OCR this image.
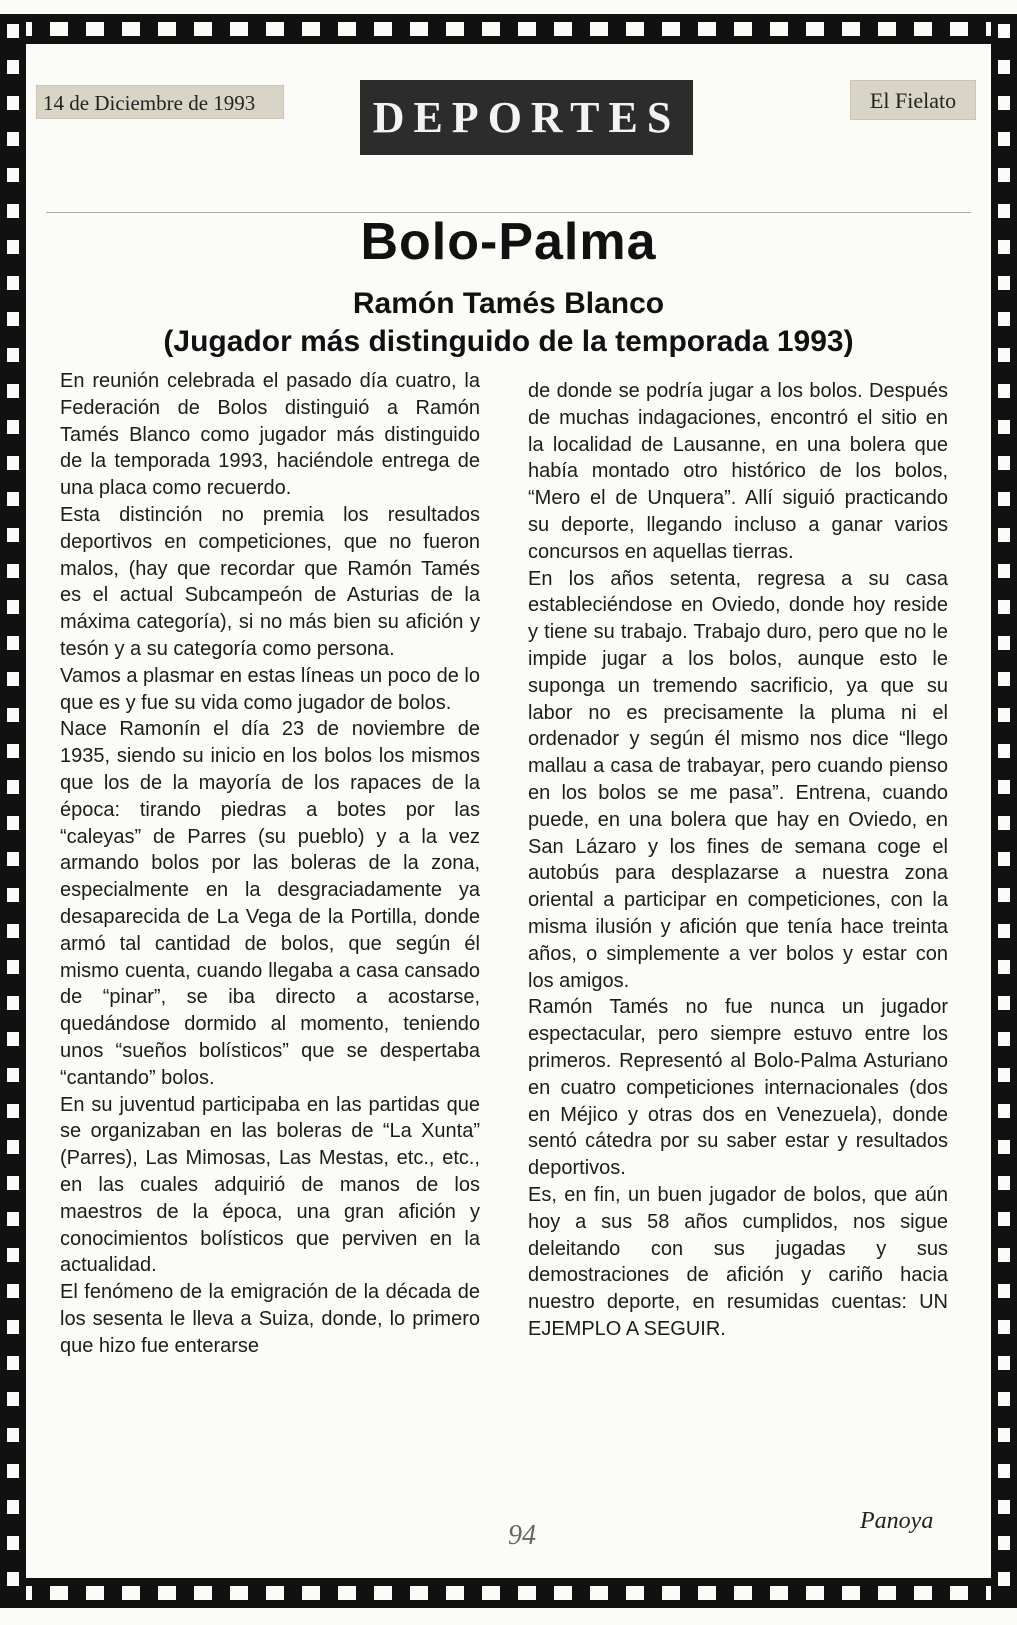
14 de Diciembre de 1993	DEPORTES	El Fielato
Bolo-Palma
Ramón Tamés Blanco
(Jugador más distinguido de la temporada 1993)

En reunión celebrada el pasado día cuatro, la Federación de Bolos distinguió a Ramón Tamés Blanco como jugador más distinguido de la temporada 1993, haciéndole entrega de una placa como recuerdo.

Esta distinción no premia los resultados deportivos en competiciones, que no fueron malos, (hay que recordar que Ramón Tamés es el actual Subcampeón de Asturias de la máxima categoría), si no más bien su afición y tesón y a su categoría como persona.

Vamos a plasmar en estas líneas un poco de lo que es y fue su vida como jugador de bolos.

Nace Ramonín el día 23 de noviembre de 1935, siendo su inicio en los bolos los mismos que los de la mayoría de los rapaces de la época: tirando piedras a botes por las “caleyas” de Parres (su pueblo) y a la vez armando bolos por las boleras de la zona, especialmente en la desgraciadamente ya desaparecida de La Vega de la Portilla, donde armó tal cantidad de bolos, que según él mismo cuenta, cuando llegaba a casa cansado de “pinar”, se iba directo a acostarse, quedándose dormido al momento, teniendo unos “sueños bolísticos” que se despertaba “cantando” bolos.

En su juventud participaba en las partidas que se organizaban en las boleras de “La Xunta” (Parres), Las Mimosas, Las Mestas, etc., etc., en las cuales adquirió de manos de los maestros de la época, una gran afición y conocimientos bolísticos que perviven en la actualidad.

El fenómeno de la emigración de la década de los sesenta le lleva a Suiza, donde, lo primero que hizo fue enterarse

de donde se podría jugar a los bolos. Después de muchas indagaciones, encontró el sitio en la localidad de Lausanne, en una bolera que había montado otro histórico de los bolos, “Mero el de Unquera”. Allí siguió practicando su deporte, llegando incluso a ganar varios concursos en aquellas tierras.

En los años setenta, regresa a su casa estableciéndose en Oviedo, donde hoy reside y tiene su trabajo. Trabajo duro, pero que no le impide jugar a los bolos, aunque esto le suponga un tremendo sacrificio, ya que su labor no es precisamente la pluma ni el ordenador y según él mismo nos dice “llego mallau a casa de trabayar, pero cuando pienso en los bolos se me pasa”. Entrena, cuando puede, en una bolera que hay en Oviedo, en San Lázaro y los fines de semana coge el autobús para desplazarse a nuestra zona oriental a participar en competiciones, con la misma ilusión y afición que tenía hace treinta años, o simplemente a ver bolos y estar con los amigos.

Ramón Tamés no fue nunca un jugador espectacular, pero siempre estuvo entre los primeros. Representó al Bolo-Palma Asturiano en cuatro competiciones internacionales (dos en Méjico y otras dos en Venezuela), donde sentó cátedra por su saber estar y resultados deportivos.

Es, en fin, un buen jugador de bolos, que aún hoy a sus 58 años cumplidos, nos sigue deleitando con sus jugadas y sus demostraciones de afición y cariño hacia nuestro deporte, en resumidas cuentas: UN EJEMPLO A SEGUIR.

94	Panoya
